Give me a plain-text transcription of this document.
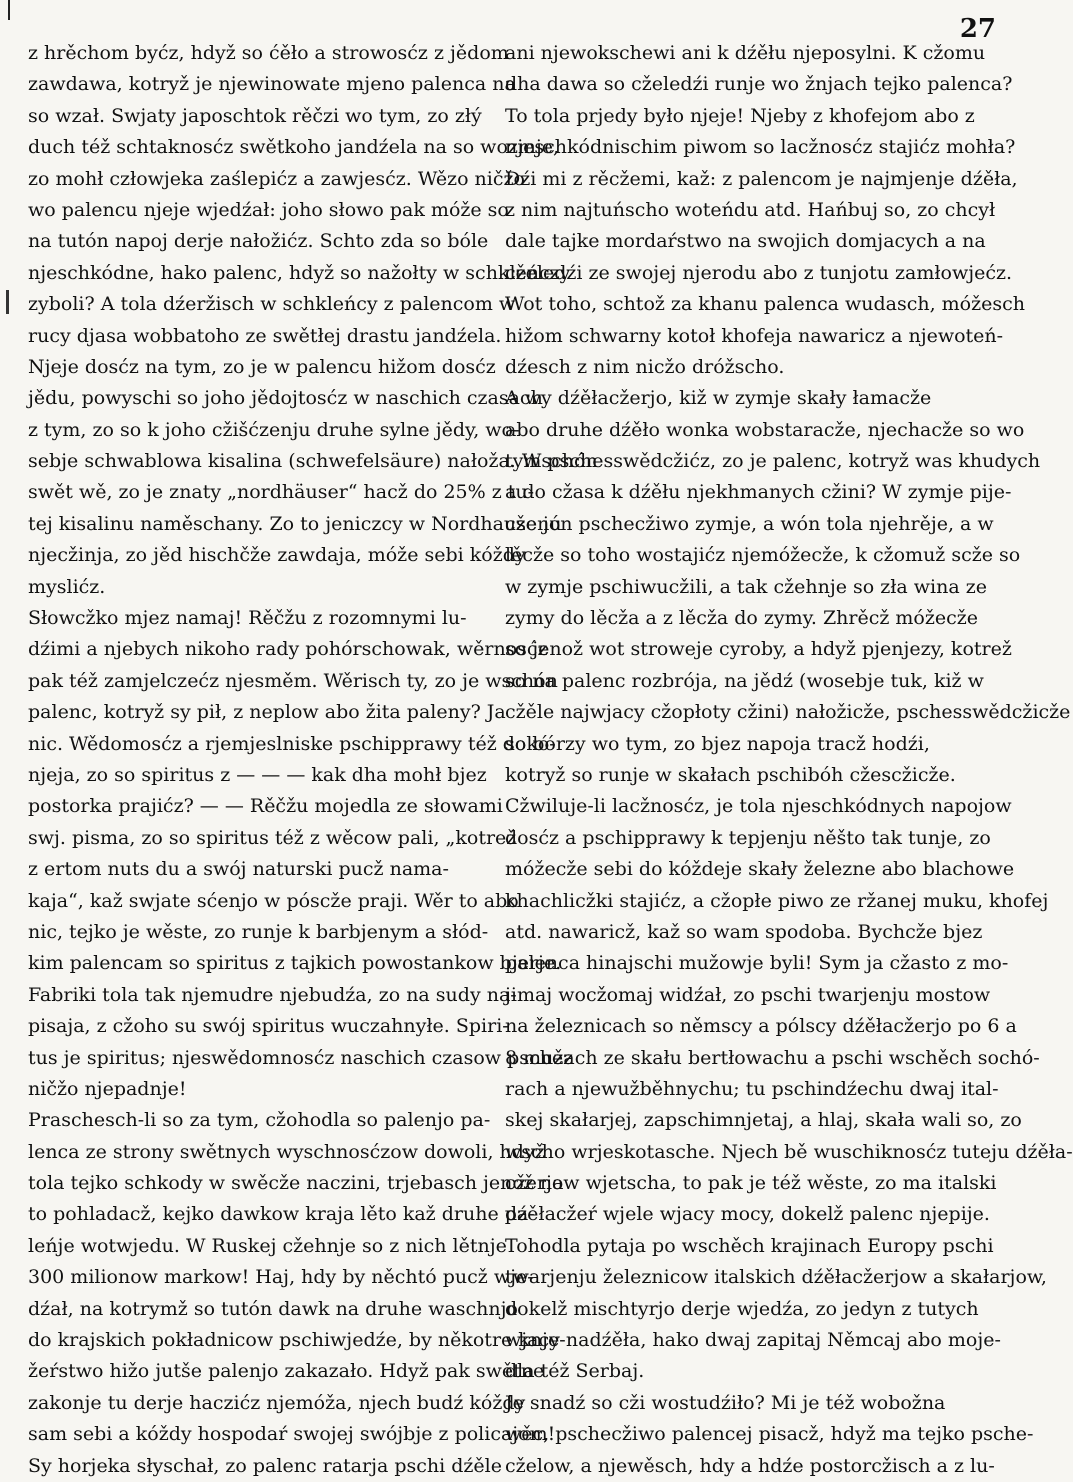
27
z hrěchom byćz, hdyž so ćěło a strowosćz z jědom
zawdawa, kotryž je njewinowate mjeno palenca na
so wzał. Swjaty japoschtok rěčzi wo tym, zo złý
duch též schtaknosćz swětkoho jandźela na so wozmje,
zo mohł człowjeka zaślepićz a zawjesćz. Wězo ničžo
wo palencu njeje wjedźał: joho słowo pak móže so
na tutón napoj derje nałožićz. Schto zda so bóle
njeschkódne, hako palenc, hdyž so nažołty w schkleńczy
zyboli? A tola dźeržisch w schkleńcy z palencom w
rucy djasa wobbatoho ze swětłej drastu jandźela.
Njeje dosćz na tym, zo je w palencu hižom dosćz
jědu, powyschi so joho jědojtosćz w naschich czasach
z tym, zo so k joho cžišćzenju druhe sylne jědy, wo-
sebje schwablowa kisalina (schwefelsäure) nałoža. Wschón
swět wě, zo je znaty „nordhäuser“ hacž do 25% z tu-
tej kisalinu naměschany. Zo to jeniczcy w Nordhausenu
njecžinja, zo jěd hischčže zawdaja, móže sebi kóždy
myslićz.
Słowcžko mjez namaj! Rěčžu z rozomnymi lu-
dźimi a njebych nikoho rady pohórschowak, wěrnosćz
pak též zamjelczećz njesměm. Wěrisch ty, zo je wschón
palenc, kotryž sy pił, z neplow abo žita paleny? Ja
nic. Wědomosćz a rjemjeslniske pschipprawy též dokó-
njeja, zo so spiritus z — — — kak dha mohł bjez
postorka prajićz? — — Rěčžu mojedla ze słowami
swj. pisma, zo so spiritus též z wěcow pali, „kotrež
z ertom nuts du a swój naturski pucž nama-
kaja“, kaž swjate sćenjo w póscže praji. Wěr to abo
nic, tejko je wěste, zo runje k barbjenym a słód-
kim palencam so spiritus z tajkich powostankow bjerje.
Fabriki tola tak njemudre njebudźa, zo na sudy na-
pisaja, z cžoho su swój spiritus wuczahnyłe. Spiri-
tus je spiritus; njeswědomnosćz naschich czasow pschez
ničžo njepadnje!
Praschesch-li so za tym, cžohodla so palenjo pa-
lenca ze strony swětnych wyschnosćzow dowoli, hdyž
tola tejko schkody w swěcže naczini, trjebasch jenož na
to pohladacž, kejko dawkow kraja lěto kaž druhe pa-
leńje wotwjedu. W Ruskej cžehnje so z nich lětnje
300 milionow markow! Haj, hdy by něchtó pucž wje-
dźał, na kotrymž so tutón dawk na druhe waschnjo
do krajskich pokładnicow pschiwjedźe, by někotre knje-
žeŕstwo hižo jutše palenjo zakazało. Hdyž pak swětne
zakonje tu derje haczićz njemóža, njech budź kóždy
sam sebi a kóždy hospodaŕ swojej swójbje z policajom!
Sy horjeka słyschał, zo palenc ratarja pschi dźěle
ani njewokschewi ani k dźěłu njeposylni. K cžomu
dha dawa so cželedźi runje wo žnjach tejko palenca?
To tola prjedy było njeje! Njeby z khofejom abo z
njeschkódnischim piwom so lacžnosćz stajićz mohła?
Dźi mi z rěcžemi, kaž: z palencom je najmjenje dźěła,
z nim najtuńscho woteńdu atd. Hańbuj so, zo chcył
dale tajke mordaŕstwo na swojich domjacych a na
cželedźi ze swojej njerodu abo z tunjotu zamłowjećz.
Wot toho, schtož za khanu palenca wudasch, móžesch
hižom schwarny kotoł khofeja nawaricz a njewoteń-
dźesch z nim nicžo dróžscho.
A wy dźěłacžerjo, kiž w zymje skały łamacže
abo druhe dźěło wonka wobstaracže, njechacže so wo
tym pschesswědcžićz, zo je palenc, kotryž was khudych
a do cžasa k dźěłu njekhmanych cžini? W zymje pije-
cže jón pschecžiwo zymje, a wón tola njehrěje, a w
lěcže so toho wostajićz njemóžecže, k cžomuž scže so
w zymje pschiwucžili, a tak cžehnje so zła wina ze
zymy do lěcža a z lěcža do zymy. Zhrěcž móžecže
so jenož wot stroweje cyroby, a hdyž pjenjezy, kotrež
so na palenc rozbrója, na jědź (wosebje tuk, kiž w
cžěle najwjacy cžopłoty cžini) nałožicže, pschesswědcžicže
so bórzy wo tym, zo bjez napoja tracž hodźi,
kotryž so runje w skałach pschibóh cžescžicže.
Cžwiluje-li lacžnosćz, je tola njeschkódnych napojow
dosćz a pschipprawy k tepjenju něšto tak tunje, zo
móžecže sebi do kóždeje skały železne abo blachowe
khachlicžki stajićz, a cžopłe piwo ze ržanej muku, khofej
atd. nawaricž, kaž so wam spodoba. Bychcže bjez
palenca hinajschi mužowje byli! Sym ja cžasto z mo-
jimaj wocžomaj widźał, zo pschi twarjenju mostow
na železnicach so němscy a pólscy dźěłacžerjo po 6 a
8 mužach ze skału bertłowachu a pschi wschěch sochó-
rach a njewužběhnychu; tu pschindźechu dwaj ital-
skej skałarjej, zapschimnjetaj, a hlaj, skała wali so, zo
wscho wrjeskotasche. Njech bě wuschiknosćz tuteju dźěła-
cžerjow wjetscha, to pak je též wěste, zo ma italski
dźěłacžeŕ wjele wjacy mocy, dokelž palenc njepije.
Tohodla pytaja po wschěch krajinach Europy pschi
twarjenju železnicow italskich dźěłacžerjow a skałarjow,
dokelž mischtyrjo derje wjedźa, zo jedyn z tutych
wjacy nadźěła, hako dwaj zapitaj Němcaj abo moje-
dla též Serbaj.
Je snadź so cži wostudźiło? Mi je též wobožna
wěc, pschecžiwo palencej pisacž, hdyž ma tejko psche-
cželow, a njewěsch, hdy a hdźe postorcžisch a z lu-
